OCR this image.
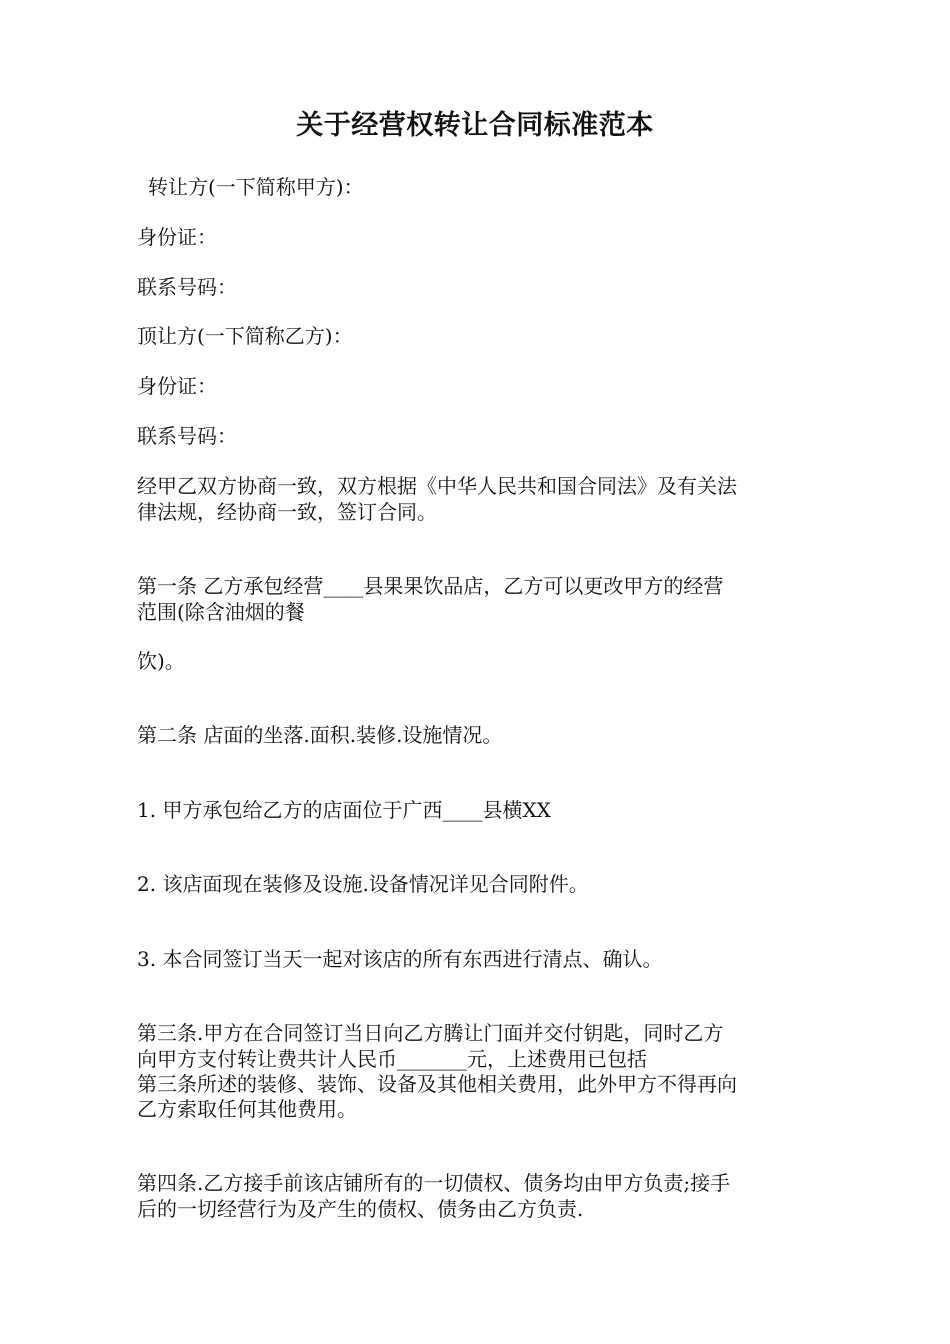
关于经营权转让合同标准范本
转让方(一下简称甲方)：
身份证：
联系号码：
顶让方(一下简称乙方)：
身份证：
联系号码：
经甲乙双方协商一致，双方根据《中华人民共和国合同法》及有关法
律法规，经协商一致，签订合同。
第一条 乙方承包经营____县果果饮品店，乙方可以更改甲方的经营
范围(除含油烟的餐
饮)。
第二条 店面的坐落.面积.装修.设施情况。
1. 甲方承包给乙方的店面位于广西____县横XX
2. 该店面现在装修及设施.设备情况详见合同附件。
3. 本合同签订当天一起对该店的所有东西进行清点、确认。
第三条.甲方在合同签订当日向乙方腾让门面并交付钥匙，同时乙方
向甲方支付转让费共计人民币_______元，上述费用已包括
第三条所述的装修、装饰、设备及其他相关费用，此外甲方不得再向
乙方索取任何其他费用。
第四条.乙方接手前该店铺所有的一切债权、债务均由甲方负责;接手
后的一切经营行为及产生的债权、债务由乙方负责.
